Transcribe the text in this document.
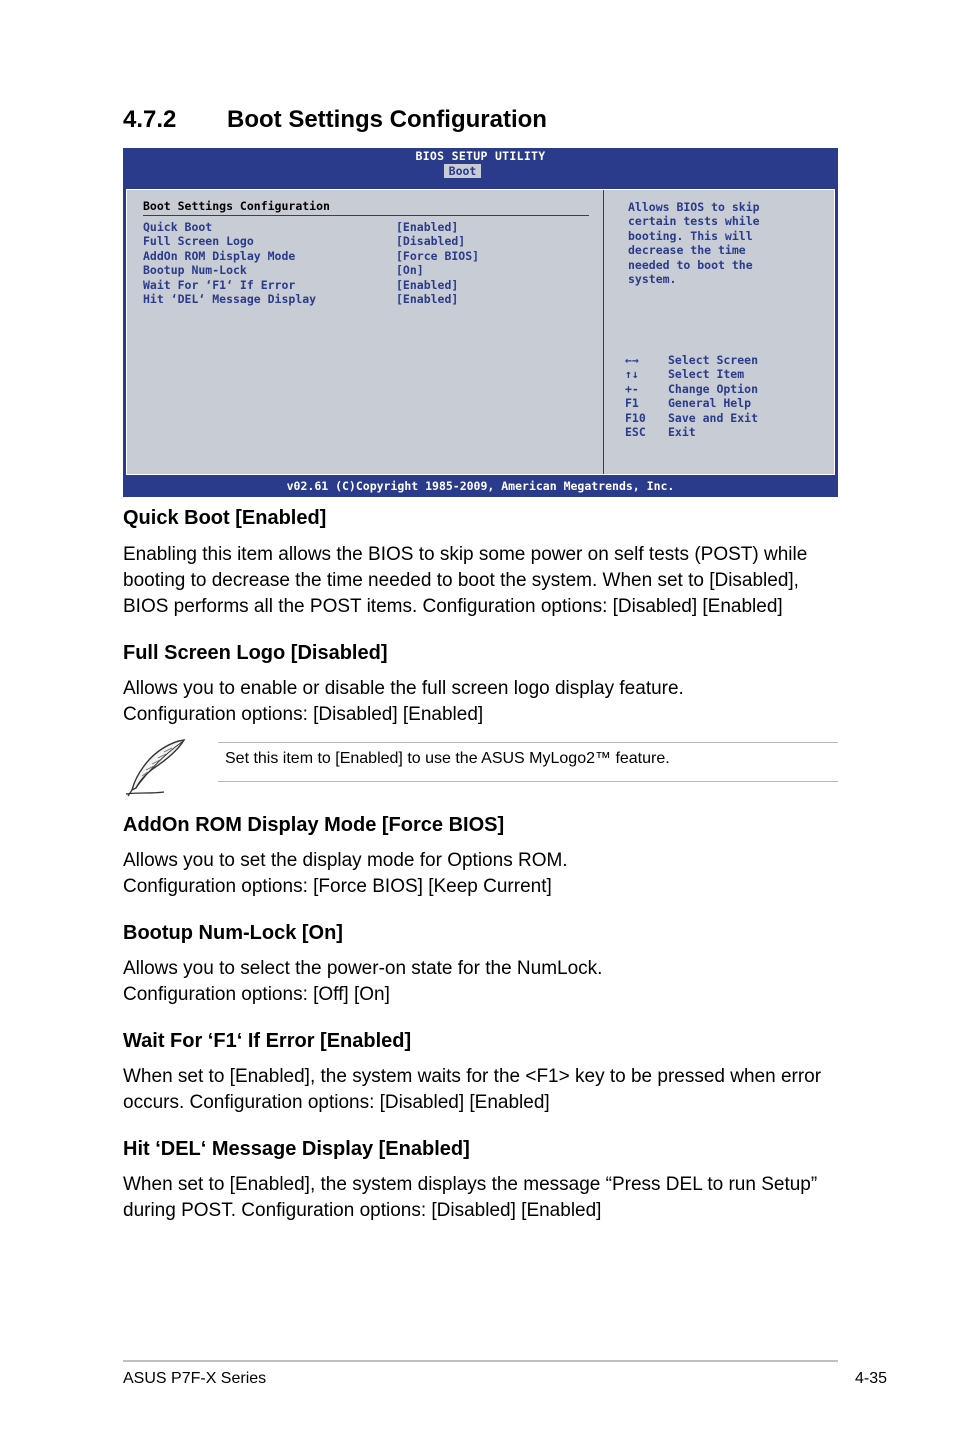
4.7.2 Boot Settings Configuration
BIOS SETUP UTILITY
Boot
Boot Settings Configuration
Quick Boot	[Enabled]
Full Screen Logo	[Disabled]
AddOn ROM Display Mode	[Force BIOS]
Bootup Num-Lock	[On]
Wait For ‘F1‘ If Error	[Enabled]
Hit ‘DEL‘ Message Display	[Enabled]
Allows BIOS to skip
certain tests while
booting. This will
decrease the time
needed to boot the
system.
←→	Select Screen
↑↓	Select Item
+-	Change Option
F1	General Help
F10 Save and Exit
ESC Exit
v02.61 (C)Copyright 1985-2009, American Megatrends, Inc.
Quick Boot [Enabled]
Enabling this item allows the BIOS to skip some power on self tests (POST) while
booting to decrease the time needed to boot the system. When set to [Disabled],
BIOS performs all the POST items. Configuration options: [Disabled] [Enabled]
Full Screen Logo [Disabled]
Allows you to enable or disable the full screen logo display feature.
Configuration options: [Disabled] [Enabled]
Set this item to [Enabled] to use the ASUS MyLogo2™ feature.
AddOn ROM Display Mode [Force BIOS]
Allows you to set the display mode for Options ROM.
Configuration options: [Force BIOS] [Keep Current]
Bootup Num-Lock [On]
Allows you to select the power-on state for the NumLock.
Configuration options: [Off] [On]
Wait For ‘F1‘ If Error [Enabled]
When set to [Enabled], the system waits for the <F1> key to be pressed when error
occurs. Configuration options: [Disabled] [Enabled]
Hit ‘DEL‘ Message Display [Enabled]
When set to [Enabled], the system displays the message “Press DEL to run Setup”
during POST. Configuration options: [Disabled] [Enabled]
ASUS P7F-X Series	4-35
